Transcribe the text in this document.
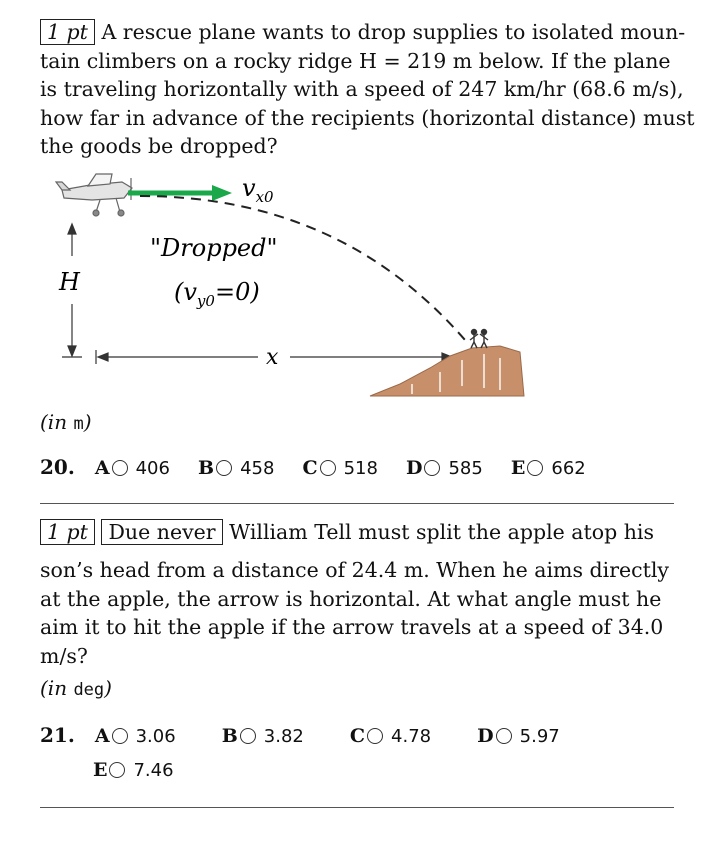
1 pt A rescue plane wants to drop supplies to isolated moun-
tain climbers on a rocky ridge H = 219 m below. If the plane
is traveling horizontally with a speed of 247 km/hr (68.6 m/s),
how far in advance of the recipients (horizontal distance) must
the goods be dropped?
$v_{x0}$
"Dropped"
$(v_{y0}=0)$
H
x
(in m)
20. A 406 B 458 C 518 D 585 E 662
1 pt Due never William Tell must split the apple atop his
son’s head from a distance of 24.4 m. When he aims directly
at the apple, the arrow is horizontal. At what angle must he
aim it to hit the apple if the arrow travels at a speed of 34.0
m/s?
(in deg)
21. A 3.06 B 3.82 C 4.78 D 5.97
E 7.46
